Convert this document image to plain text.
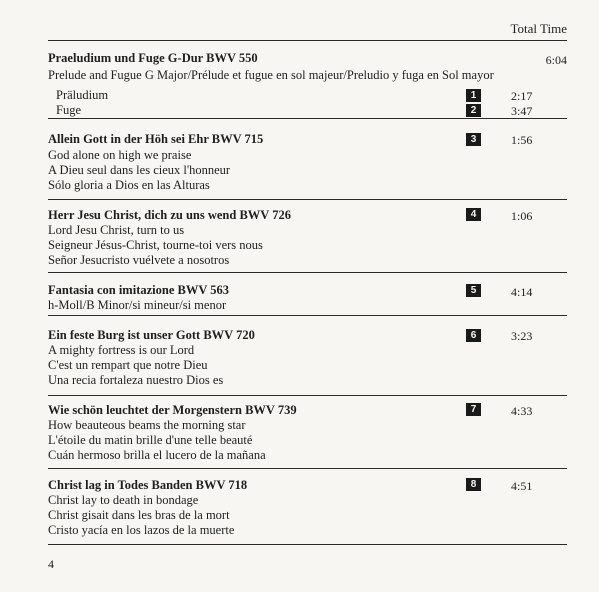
Total Time
Praeludium und Fuge G-Dur BWV 550	6:04
Prelude and Fugue G Major/Prélude et fugue en sol majeur/Preludio y fuga en Sol mayor
Präludium	1	2:17
Fuge	2	3:47
Allein Gott in der Höh sei Ehr BWV 715	3	1:56
God alone on high we praise
A Dieu seul dans les cieux l'honneur
Sólo gloria a Dios en las Alturas
Herr Jesu Christ, dich zu uns wend BWV 726	4	1:06
Lord Jesu Christ, turn to us
Seigneur Jésus-Christ, tourne-toi vers nous
Señor Jesucristo vuélvete a nosotros
Fantasia con imitazione BWV 563	5	4:14
h-Moll/B Minor/si mineur/si menor
Ein feste Burg ist unser Gott BWV 720	6	3:23
A mighty fortress is our Lord
C'est un rempart que notre Dieu
Una recia fortaleza nuestro Dios es
Wie schön leuchtet der Morgenstern BWV 739	7	4:33
How beauteous beams the morning star
L'étoile du matin brille d'une telle beauté
Cuán hermoso brilla el lucero de la mañana
Christ lag in Todes Banden BWV 718	8	4:51
Christ lay to death in bondage
Christ gisait dans les bras de la mort
Cristo yacía en los lazos de la muerte
4
